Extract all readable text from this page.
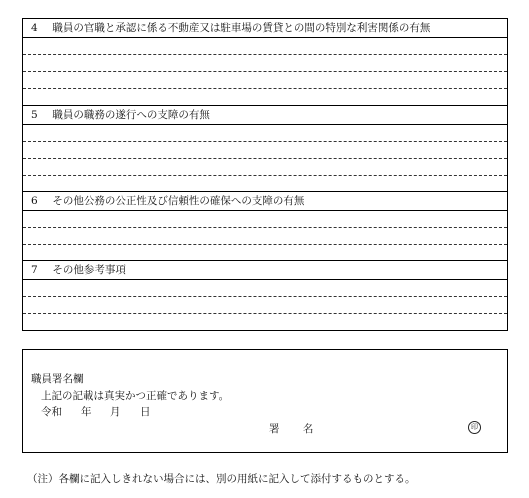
4 職員の官職と承認に係る不動産又は駐車場の賃貸との間の特別な利害関係の有無
5 職員の職務の遂行への支障の有無
6 その他公務の公正性及び信頼性の確保への支障の有無
7 その他参考事項
職員署名欄
上記の記載は真実かつ正確であります。
令和 年 月 日
署 名	印
（注）各欄に記入しきれない場合には、別の用紙に記入して添付するものとする。
